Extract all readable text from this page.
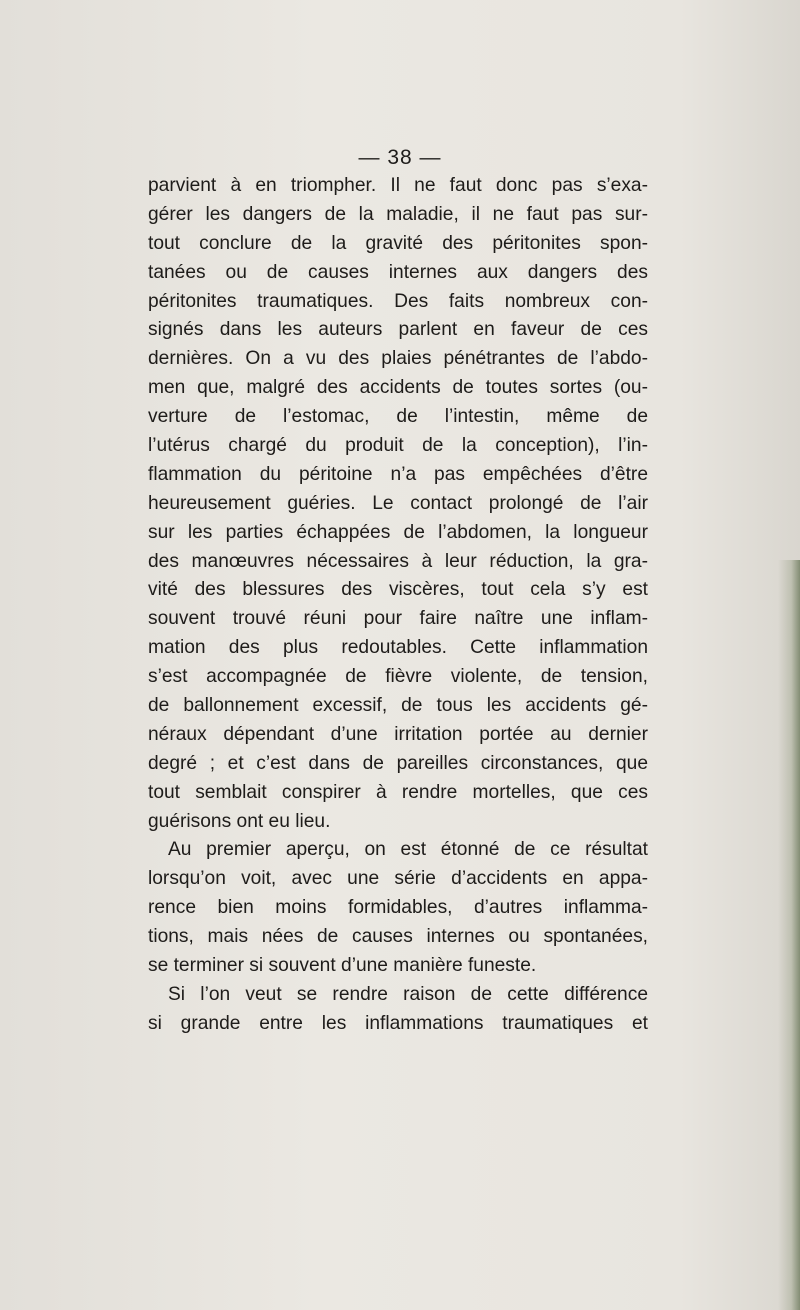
— 38 —
parvient à en triompher. Il ne faut donc pas s’exa-
gérer les dangers de la maladie, il ne faut pas sur-
tout conclure de la gravité des péritonites spon-
tanées ou de causes internes aux dangers des
péritonites traumatiques. Des faits nombreux con-
signés dans les auteurs parlent en faveur de ces
dernières. On a vu des plaies pénétrantes de l’abdo-
men que, malgré des accidents de toutes sortes (ou-
verture de l’estomac, de l’intestin, même de
l’utérus chargé du produit de la conception), l’in-
flammation du péritoine n’a pas empêchées d’être
heureusement guéries. Le contact prolongé de l’air
sur les parties échappées de l’abdomen, la longueur
des manœuvres nécessaires à leur réduction, la gra-
vité des blessures des viscères, tout cela s’y est
souvent trouvé réuni pour faire naître une inflam-
mation des plus redoutables. Cette inflammation
s’est accompagnée de fièvre violente, de tension,
de ballonnement excessif, de tous les accidents gé-
néraux dépendant d’une irritation portée au dernier
degré ; et c’est dans de pareilles circonstances, que
tout semblait conspirer à rendre mortelles, que ces
guérisons ont eu lieu.
Au premier aperçu, on est étonné de ce résultat
lorsqu’on voit, avec une série d’accidents en appa-
rence bien moins formidables, d’autres inflamma-
tions, mais nées de causes internes ou spontanées,
se terminer si souvent d’une manière funeste.
Si l’on veut se rendre raison de cette différence
si grande entre les inflammations traumatiques et
